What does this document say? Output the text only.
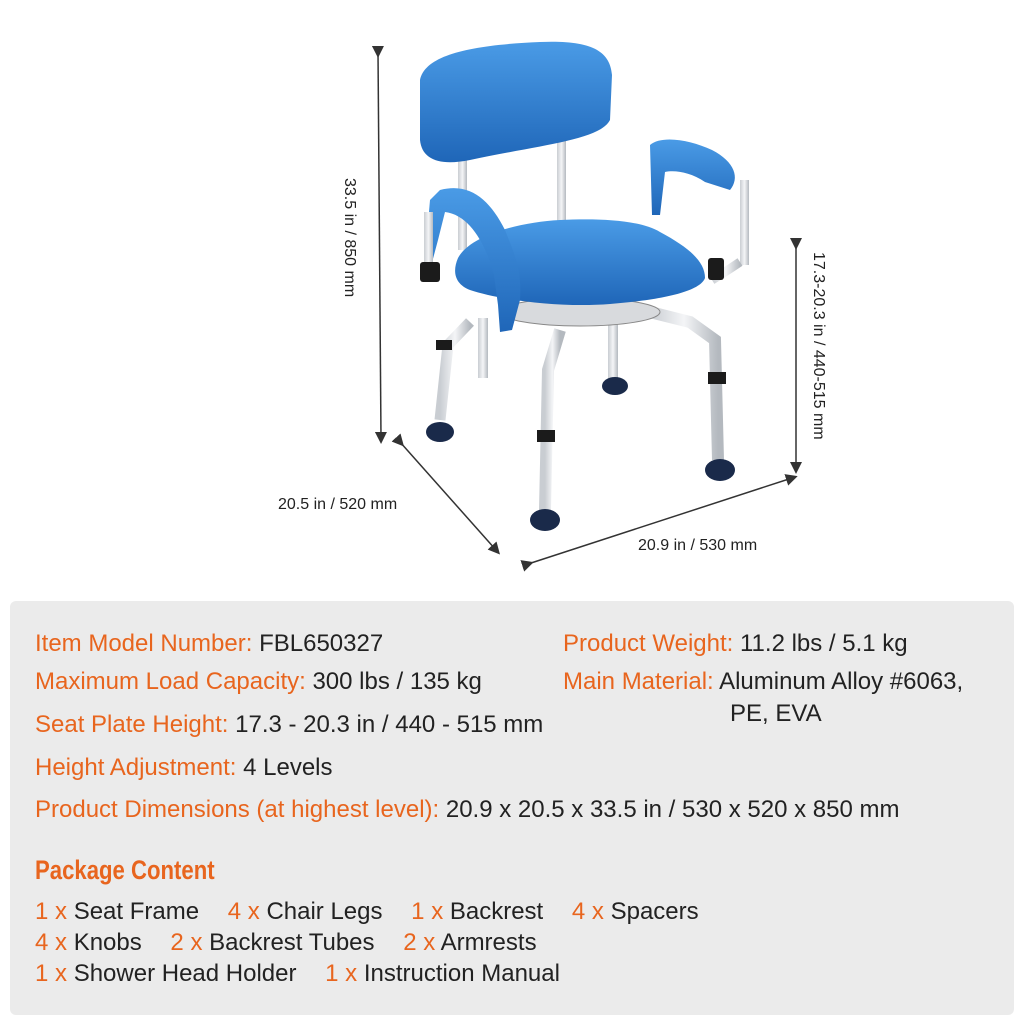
33.5 in / 850 mm
20.5 in / 520 mm
20.9 in / 530 mm
17.3-20.3 in / 440-515 mm
Item Model Number: FBL650327
Maximum Load Capacity: 300 lbs / 135 kg
Seat Plate Height: 17.3 - 20.3 in / 440 - 515 mm
Height Adjustment: 4 Levels
Product Dimensions (at highest level): 20.9 x 20.5 x 33.5 in / 530 x 520 x 850 mm
Product Weight: 11.2 lbs / 5.1 kg
Main Material: Aluminum Alloy #6063,
PE, EVA
Package Content
1 x Seat Frame 4 x Chair Legs 1 x Backrest 4 x Spacers
4 x Knobs 2 x Backrest Tubes 2 x Armrests
1 x Shower Head Holder 1 x Instruction Manual
